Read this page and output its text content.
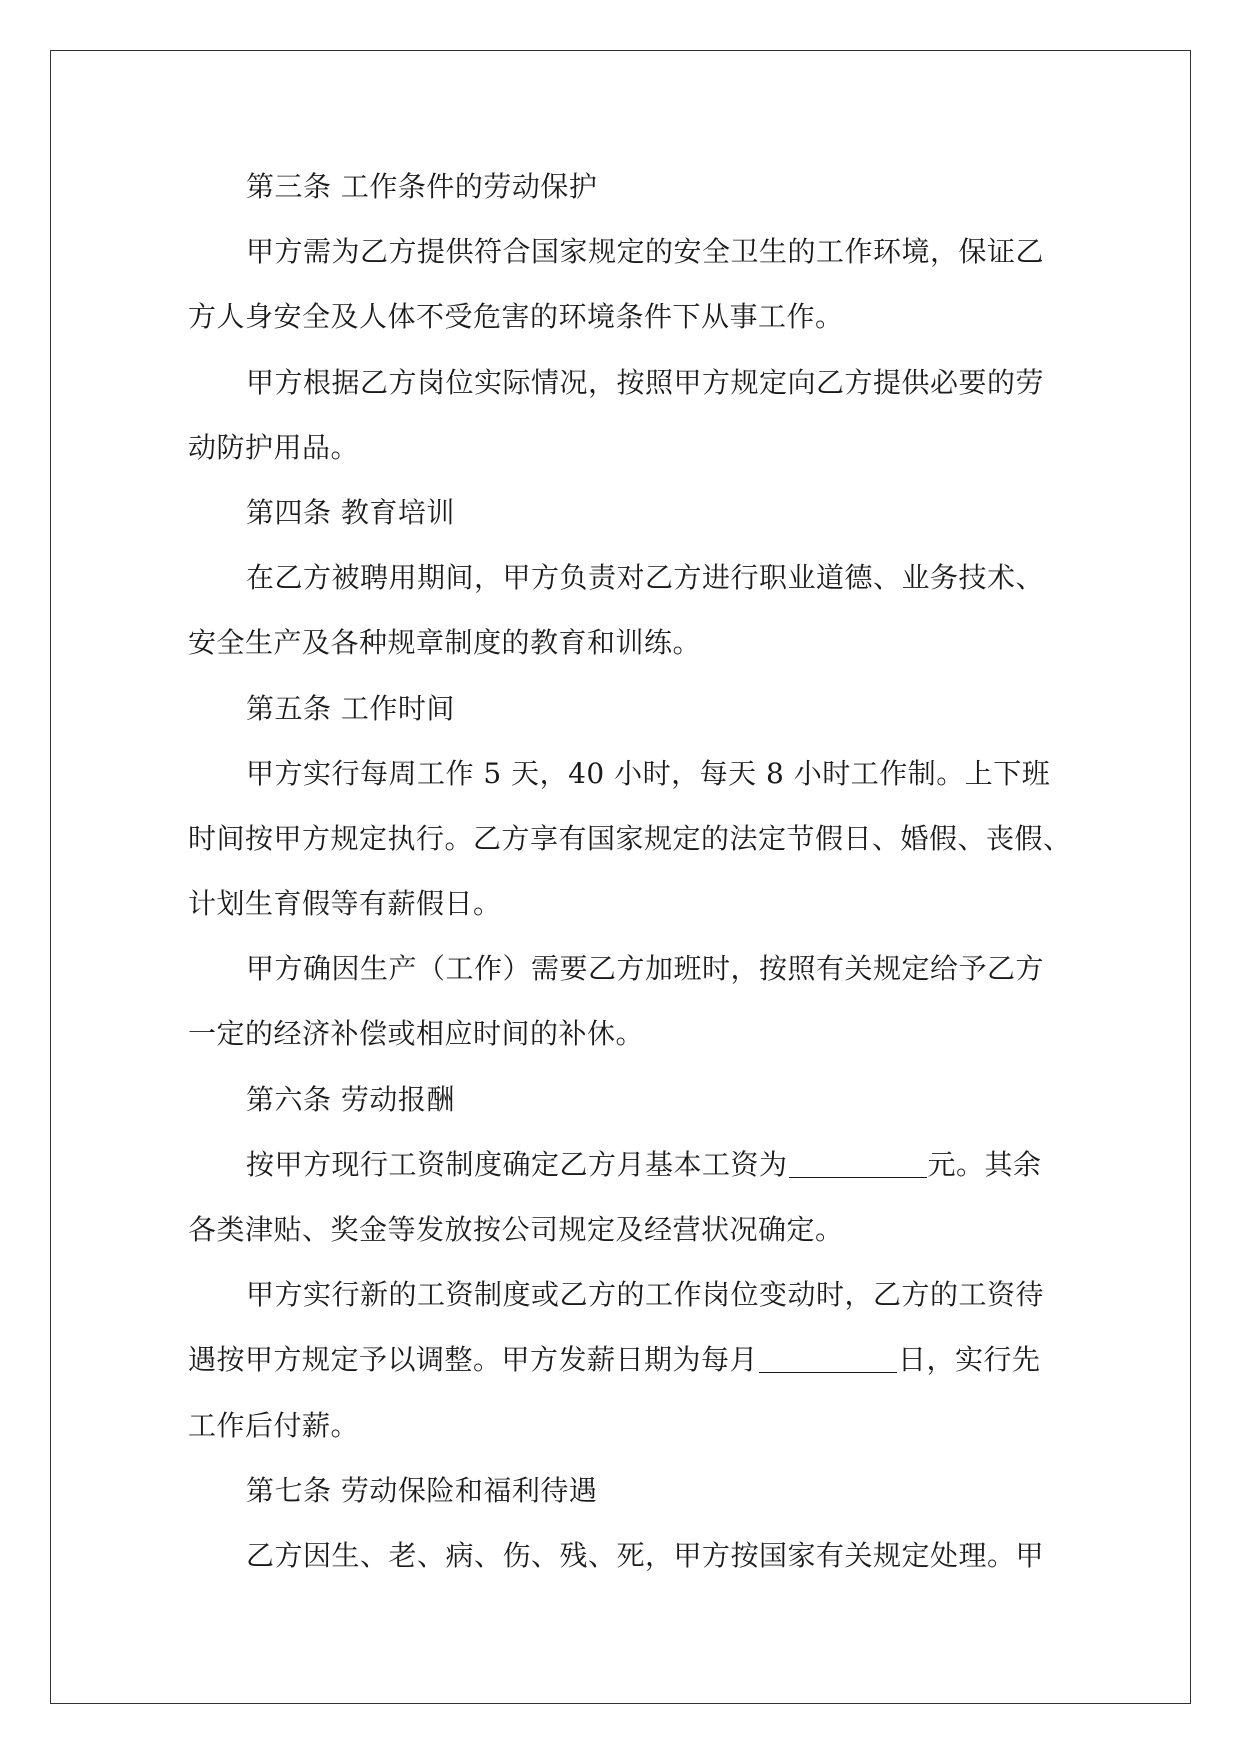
第三条 工作条件的劳动保护
甲方需为乙方提供符合国家规定的安全卫生的工作环境，保证乙
方人身安全及人体不受危害的环境条件下从事工作。
甲方根据乙方岗位实际情况，按照甲方规定向乙方提供必要的劳
动防护用品。
第四条 教育培训
在乙方被聘用期间，甲方负责对乙方进行职业道德、业务技术、
安全生产及各种规章制度的教育和训练。
第五条 工作时间
甲方实行每周工作 5 天，40 小时，每天 8 小时工作制。上下班
时间按甲方规定执行。乙方享有国家规定的法定节假日、婚假、丧假、
计划生育假等有薪假日。
甲方确因生产（工作）需要乙方加班时，按照有关规定给予乙方
一定的经济补偿或相应时间的补休。
第六条 劳动报酬
按甲方现行工资制度确定乙方月基本工资为	元。其余
各类津贴、奖金等发放按公司规定及经营状况确定。
甲方实行新的工资制度或乙方的工作岗位变动时，乙方的工资待
遇按甲方规定予以调整。甲方发薪日期为每月	日，实行先
工作后付薪。
第七条 劳动保险和福利待遇
乙方因生、老、病、伤、残、死，甲方按国家有关规定处理。甲
